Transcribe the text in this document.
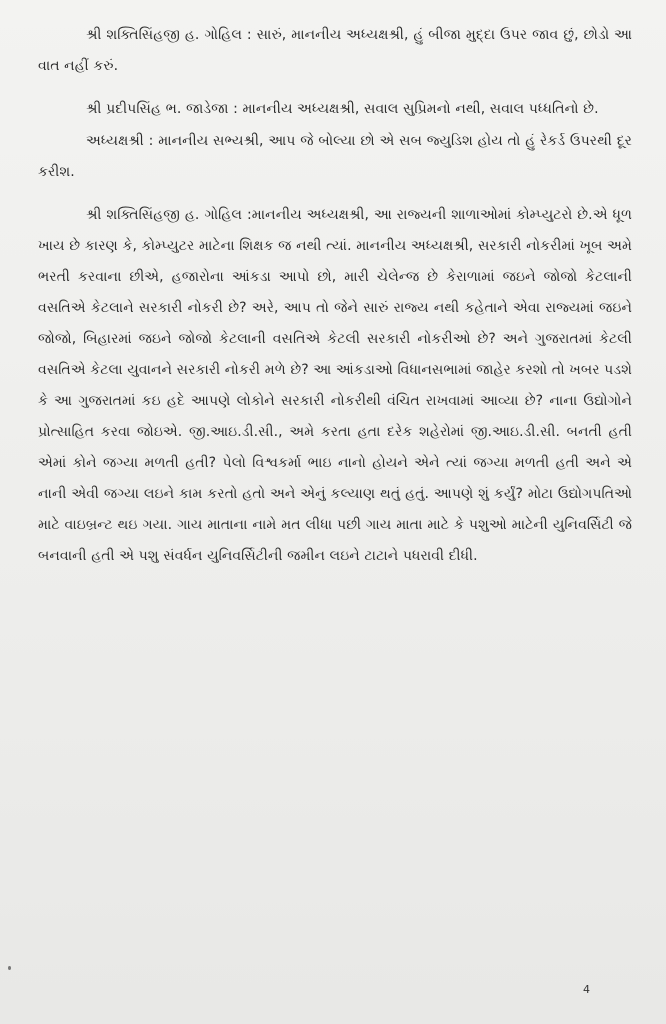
શ્રી શક્તિસિંહજી હ. ગોહિલ : સારું, માનનીય અધ્યક્ષશ્રી, હું બીજા મુદ્દા ઉપર જાવ છું, છોડો આ વાત નહીં કરું.

શ્રી પ્રદીપસિંહ ભ. જાડેજા : માનનીય અધ્યક્ષશ્રી, સવાલ સુપ્રિમનો નથી, સવાલ પધ્ધતિનો છે.

અધ્યક્ષશ્રી : માનનીય સભ્યશ્રી, આપ જે બોલ્યા છો એ સબ જ્યુડિશ હોય તો હું રેકર્ડ ઉપરથી દૂર કરીશ.

શ્રી શક્તિસિંહજી હ. ગોહિલ :માનનીય અધ્યક્ષશ્રી, આ રાજ્યની શાળાઓમાં કોમ્પ્યુટરો છે.એ ધૂળ ખાય છે કારણ કે, કોમ્પ્યુટર માટેના શિક્ષક જ નથી ત્યાં. માનનીય અધ્યક્ષશ્રી, સરકારી નોકરીમાં ખૂબ અમે ભરતી કરવાના છીએ, હજારોના આંકડા આપો છો, મારી ચેલેન્જ છે કેરાળામાં જઇને જોજો કેટલાની વસતિએ કેટલાને સરકારી નોકરી છે? અરે, આપ તો જેને સારું રાજ્ય નથી કહેતાને એવા રાજ્યમાં જઇને જોજો, બિહારમાં જઇને જોજો કેટલાની વસતિએ કેટલી સરકારી નોકરીઓ છે? અને ગુજરાતમાં કેટલી વસતિએ કેટલા યુવાનને સરકારી નોકરી મળે છે? આ આંકડાઓ વિધાનસભામાં જાહેર કરશો તો ખબર પડશે કે આ ગુજરાતમાં કઇ હદે આપણે લોકોને સરકારી નોકરીથી વંચિત રાખવામાં આવ્યા છે? નાના ઉદ્યોગોને પ્રોત્સાહિત કરવા જોઇએ. જી.આઇ.ડી.સી., અમે કરતા હતા દરેક શહેરોમાં જી.આઇ.ડી.સી. બનતી હતી એમાં કોને જગ્યા મળતી હતી? પેલો વિશ્વકર્મા ભાઇ નાનો હોયને એને ત્યાં જગ્યા મળતી હતી અને એ નાની એવી જગ્યા લઇને કામ કરતો હતો અને એનું કલ્યાણ થતું હતું. આપણે શું કર્યું? મોટા ઉદ્યોગપતિઓ માટે વાઇબ્રન્ટ થઇ ગયા. ગાય માતાના નામે મત લીધા પછી ગાય માતા માટે કે પશુઓ માટેની યુનિવર્સિટી જે બનવાની હતી એ પશુ સંવર્ધન યુનિવર્સિટીની જમીન લઇને ટાટાને પધરાવી દીધી.

4
